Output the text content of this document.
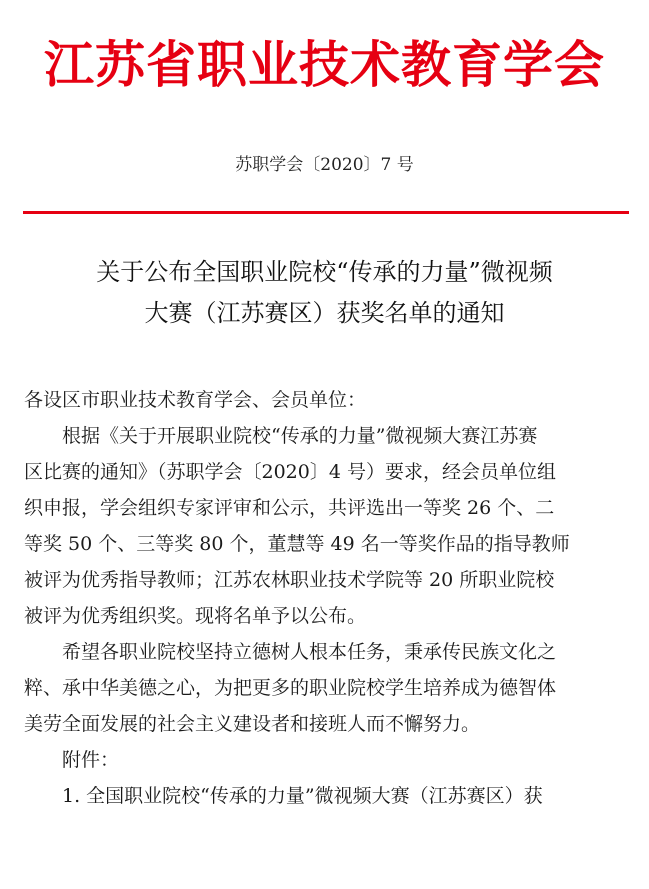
江苏省职业技术教育学会
苏职学会〔2020〕7 号
关于公布全国职业院校“传承的力量”微视频
大赛（江苏赛区）获奖名单的通知
各设区市职业技术教育学会、会员单位：
根据《关于开展职业院校“传承的力量”微视频大赛江苏赛
区比赛的通知》（苏职学会〔2020〕4 号）要求，经会员单位组
织申报，学会组织专家评审和公示，共评选出一等奖 26 个、二
等奖 50 个、三等奖 80 个，董慧等 49 名一等奖作品的指导教师
被评为优秀指导教师；江苏农林职业技术学院等 20 所职业院校
被评为优秀组织奖。现将名单予以公布。
希望各职业院校坚持立德树人根本任务，秉承传民族文化之
粹、承中华美德之心，为把更多的职业院校学生培养成为德智体
美劳全面发展的社会主义建设者和接班人而不懈努力。
附件：
1. 全国职业院校“传承的力量”微视频大赛（江苏赛区）获
